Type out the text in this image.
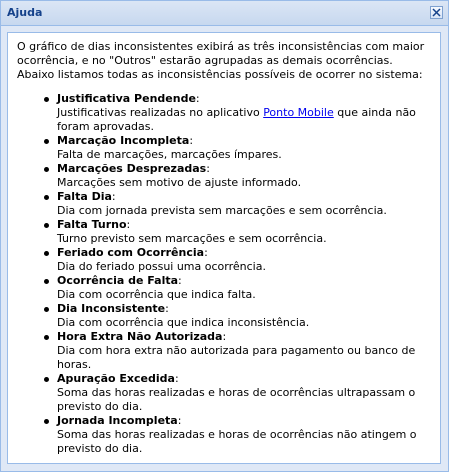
Ajuda
O gráfico de dias inconsistentes exibirá as três inconsistências com maior
ocorrência, e no "Outros" estarão agrupadas as demais ocorrências.
Abaixo listamos todas as inconsistências possíveis de ocorrer no sistema:
Justificativa Pendende:
Justificativas realizadas no aplicativo Ponto Mobile que ainda não foram aprovadas.
Marcação Incompleta:
Falta de marcações, marcações ímpares.
Marcações Desprezadas:
Marcações sem motivo de ajuste informado.
Falta Dia:
Dia com jornada prevista sem marcações e sem ocorrência.
Falta Turno:
Turno previsto sem marcações e sem ocorrência.
Feriado com Ocorrência:
Dia do feriado possui uma ocorrência.
Ocorrência de Falta:
Dia com ocorrência que indica falta.
Dia Inconsistente:
Dia com ocorrência que indica inconsistência.
Hora Extra Não Autorizada:
Dia com hora extra não autorizada para pagamento ou banco de horas.
Apuração Excedida:
Soma das horas realizadas e horas de ocorrências ultrapassam o previsto do dia.
Jornada Incompleta:
Soma das horas realizadas e horas de ocorrências não atingem o previsto do dia.
